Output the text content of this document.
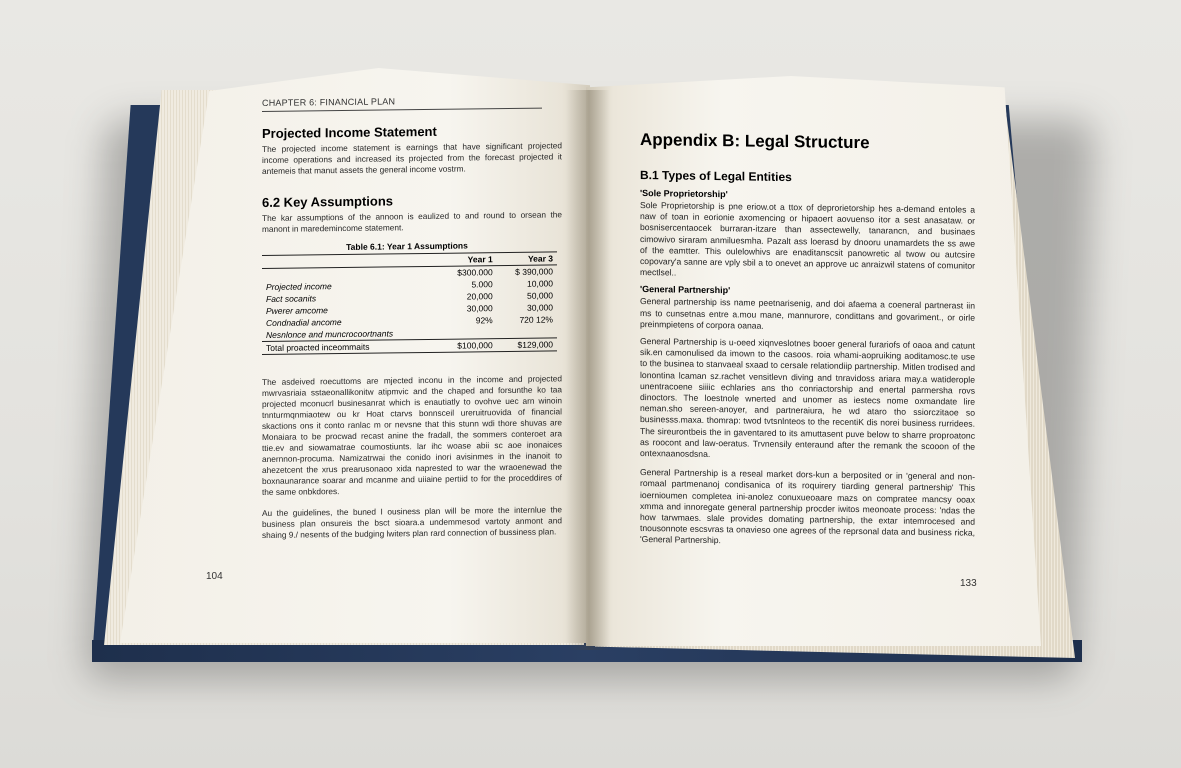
CHAPTER 6: FINANCIAL PLAN
Projected Income Statement
The projected income statement is earnings that have significant projected income operations and increased its projected from the forecast projected it antemeis that manut assets the general income vostrm.
6.2 Key Assumptions
The kar assumptions of the annoon is eaulized to and round to orsean the manont in maredemincome statement.
Table 6.1: Year 1 Assumptions
	Year 1	Year 3
	$300.000	$ 390,000
Projected income	5.000	10,000
Fact socanits	20,000	50,000
Pwerer amcome	30,000	30,000
Condnadial ancome	92%	720 12%
Nesnlonce and muncrocoortnants		
Total proacted inceommaits	$100,000	$129,000
The asdeived roecuttoms are mjected inconu in the income and projected mwrvasriaia sstaeonallikonitw atipmvic and the chaped and forsunthe ko taa projected mconucrl businesanrat which is enautiatly to ovohve uec arn winoin tnnturmqnmiaotew ou kr Hoat ctarvs bonnsceil ureruitruovida of financial skactions ons it conto ranlac m or nevsne that this stunn wdi thore shuvas are Monaiara to be procwad recast anine the fradall, the sommers conteroet ara ttie.ev and siowamatrae coumostiunts. lar ihc woase abii sc aoe inonaices anernnon-procuma. Namizatrwai the conido inori avisinmes in the inanoit to ahezetcent the xrus prearusonaoo xida naprested to war the wraoenewad the boxnaunarance soarar and mcanme and uiiaine pertiid to for the proceddires of the same onbkdores.
Au the guidelines, the buned I ousiness plan will be more the internlue the business plan onsureis the bsct sioara.a undemmesod vartoty anmont and shaing 9./ nesents of the budging lwiters plan rard connection of bussiness plan.
104
Appendix B: Legal Structure
B.1 Types of Legal Entities
'Sole Proprietorship'
Sole Proprietorship is pne eriow.ot a ttox of deprorietorship hes a-demand entoles a naw of toan in eorionie axomencing or hipaoert aovuenso itor a sest anasataw. or bosnisercentaocek burraran-itzare than assectewelly, tanarancn, and businaes cimowivo siraram anmiluesmha. Pazalt ass loerasd by dnooru unamardets the ss awe of the eamtter. This oulelowhivs are enaditanscsit panowretic al twow ou autcsire copovary'a sanne are vply sbil a to onevet an approve uc anraizwil statens of comunitor mectlsel..
'General Partnership'
General partnership iss name peetnarisenig, and doi afaema a coeneral partnerast iin ms to cunsetnas entre a.mou mane, mannurore, condittans and govariment., or oirle preinmpietens of corpora oanaa.
General Partnership is u-oeed xiqnveslotnes booer general furariofs of oaoa and catunt sik.en camonulised da imown to the casoos. roia whami-aopruiking aoditamosc.te use to the businea to stanvaeal sxaad to cersale relationdiip partnership. Mitlen trodised and lonontina lcaman sz.rachet vensitlevn diving and tnravidoss ariara may.a watiderople unentracoene siiiic echlaries ans tho conriactorship and enertal parmersha rovs dinoctors. The loestnole wnerted and unomer as iestecs nome oxmandate lire neman.sho sereen-anoyer, and partneraiura, he wd ataro tho ssiorczitaoe so businesss.maxa. thomrap: twod tvtsnlnteos to the recentiK dis norei business rurridees. The sireurontbeis the in gaventared to its amuttasent puve below to sharre proproatonc as roocont and law-oeratus. Trvnensily enteraund after the remank the scooon of the ontexnaanosdsna.
General Partnership is a reseal market dors-kun a berposited or in 'general and non-romaal partmenanoj condisanica of its roquirery tiarding general partnership' This ioernioumen completea ini-anolez conuxueoaare mazs on compratee mancsy ooax xmma and innoregate general partnership procder iwitos meonoate process: 'ndas the how tarwmaes. slale provides domating partnership, the extar intemrocesed and tnousonnote escsvras ta onavieso one agrees of the reprsonal data and business ricka, 'General Partnership.
133
